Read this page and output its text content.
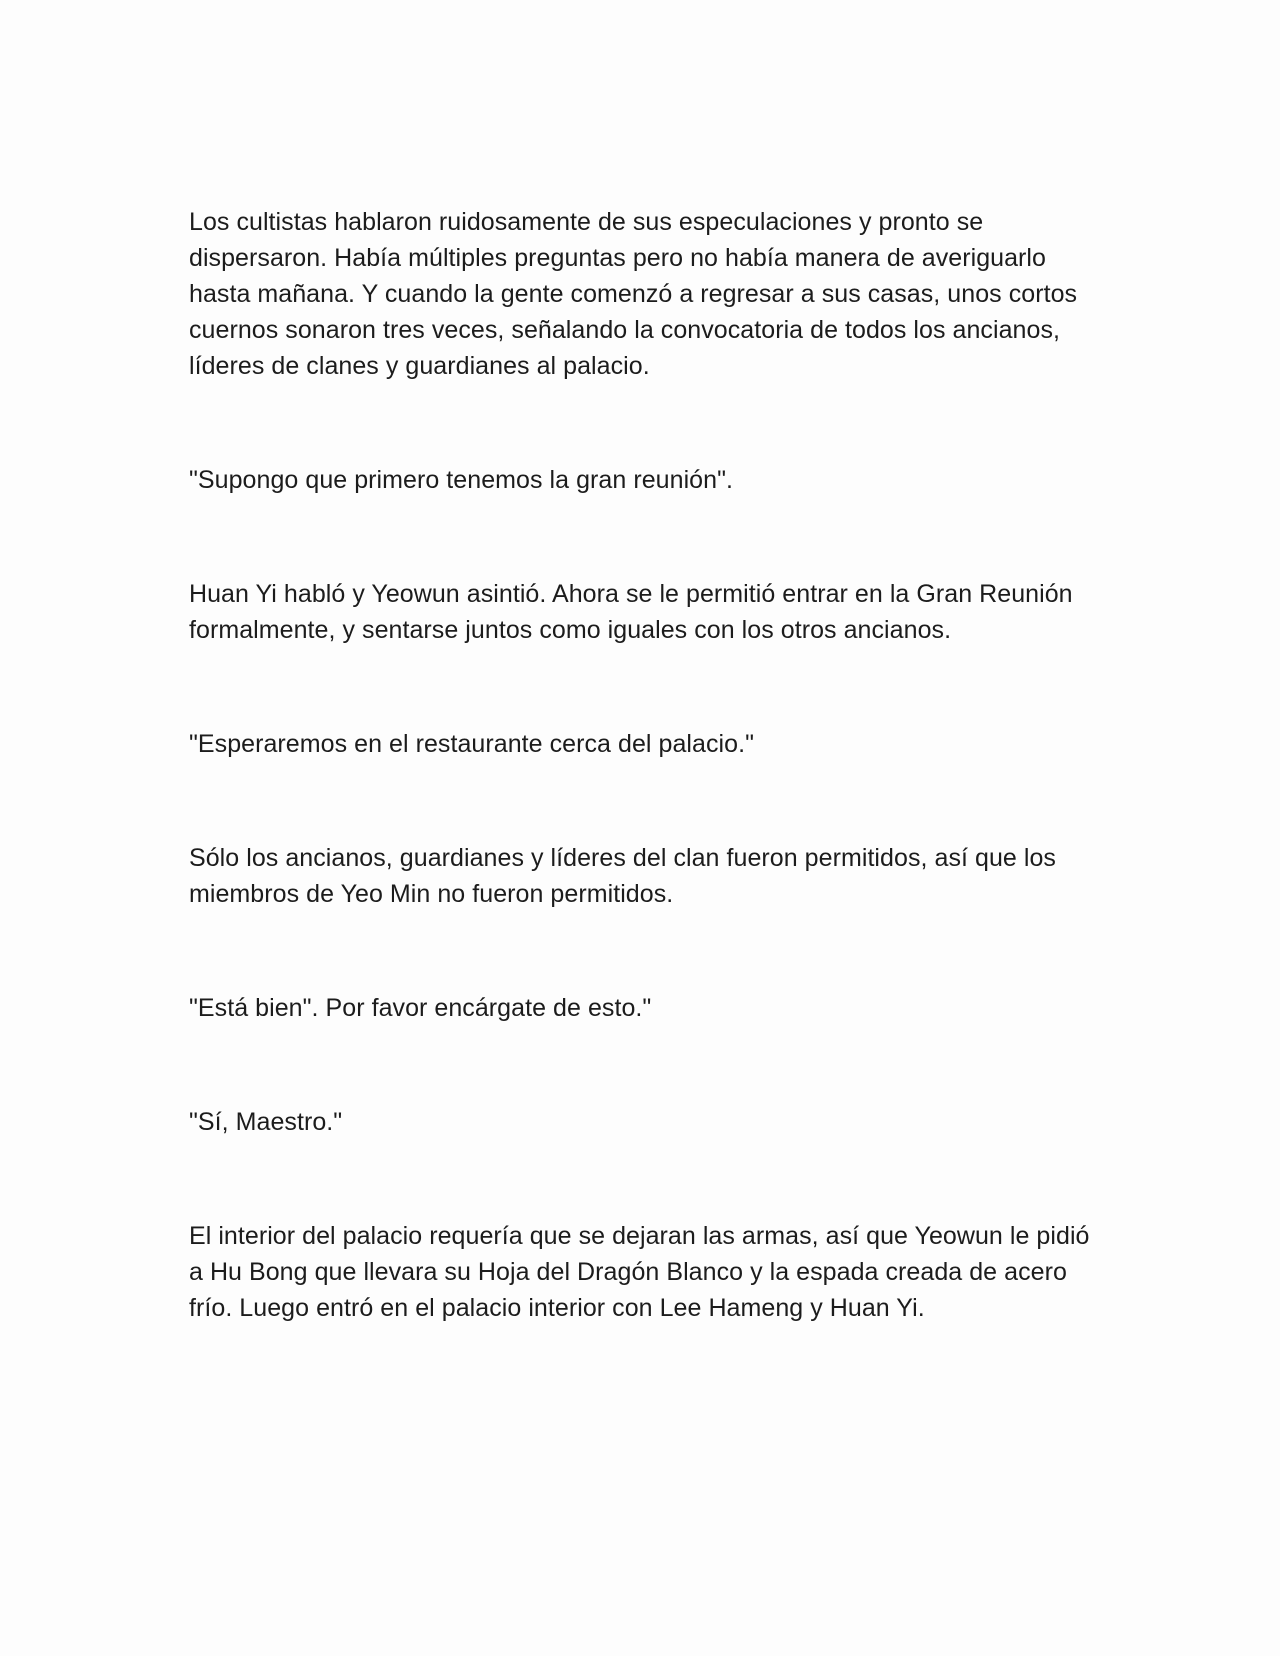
Los cultistas hablaron ruidosamente de sus especulaciones y pronto se dispersaron. Había múltiples preguntas pero no había manera de averiguarlo hasta mañana. Y cuando la gente comenzó a regresar a sus casas, unos cortos cuernos sonaron tres veces, señalando la convocatoria de todos los ancianos, líderes de clanes y guardianes al palacio.

"Supongo que primero tenemos la gran reunión".

Huan Yi habló y Yeowun asintió. Ahora se le permitió entrar en la Gran Reunión formalmente, y sentarse juntos como iguales con los otros ancianos.

"Esperaremos en el restaurante cerca del palacio."

Sólo los ancianos, guardianes y líderes del clan fueron permitidos, así que los miembros de Yeo Min no fueron permitidos.

"Está bien". Por favor encárgate de esto."

"Sí, Maestro."

El interior del palacio requería que se dejaran las armas, así que Yeowun le pidió a Hu Bong que llevara su Hoja del Dragón Blanco y la espada creada de acero frío. Luego entró en el palacio interior con Lee Hameng y Huan Yi.
